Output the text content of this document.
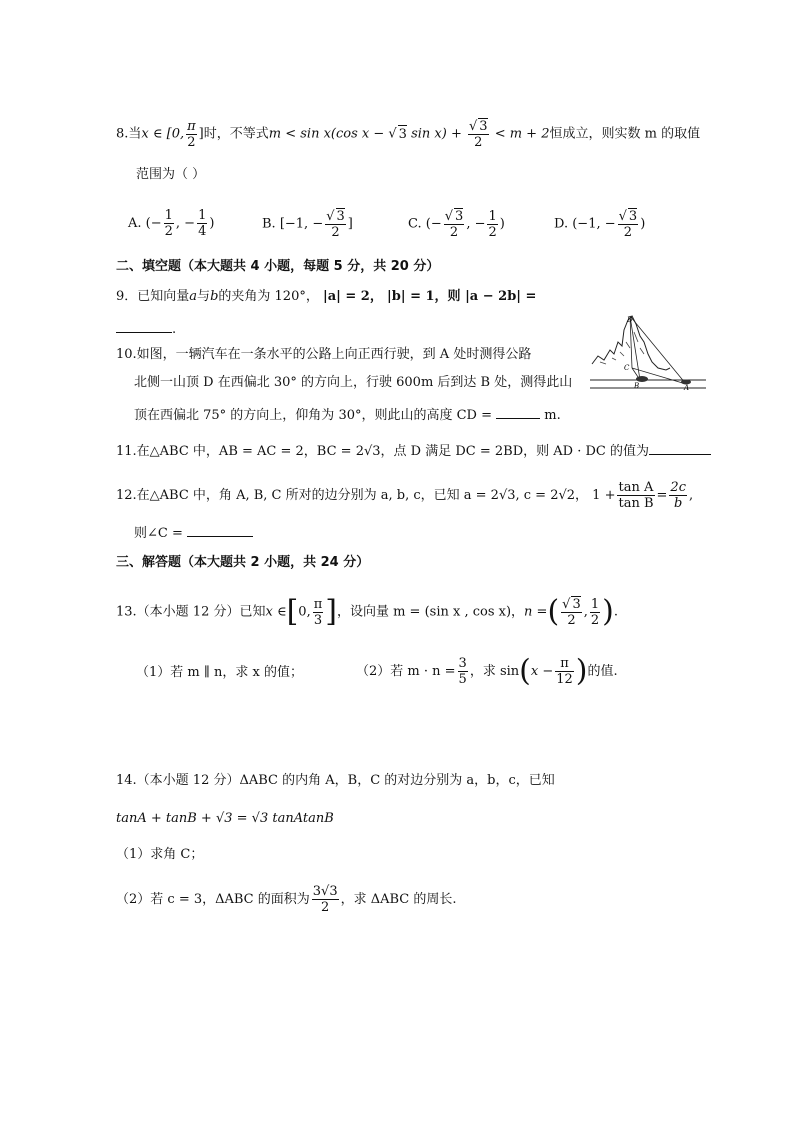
8.当x ∈ [0, $\frac{\pi}{2}$ ]时，不等式m < sin x(cos x − √ 3 $\sin x) + \frac{√ 3}{2} < m + 2$恒成立，则实数 m 的取值
范围为（ ）
A. (− $\frac{1}{2}$ , − $\frac{1}{4}$ )	B. [−1, − $\frac{√ 3}{2}$ ]	C. (− $\frac{√ 3}{2}$ , − $\frac{1}{2}$ )	D. (−1, − $\frac{√ 3}{2}$ )
二、填空题（本大题共 4 小题，每题 5 分，共 20 分）
9．已知向量a与b的夹角为 120°， |a| = 2， |b| = 1，则 |a − 2b| =
.
10.如图，一辆汽车在一条水平的公路上向正西行驶，到 A 处时测得公路
北侧一山顶 D 在西偏北 30° 的方向上，行驶 600m 后到达 B 处，测得此山
顶在西偏北 75° 的方向上，仰角为 30°，则此山的高度 CD =	m.
D
C
B	A
11.在△ABC 中，AB = AC = 2，BC = 2√3，点 D 满足 DC = 2BD，则 AD · DC 的值为
12.在△ABC 中，角 A, B, C 所对的边分别为 a, b, c，已知 a = 2√3, c = 2√2， $1 + \frac{\text{tan A}}{\text{tan B}} = \frac{2c}{b}$ ,
则∠C =
三、解答题（本大题共 2 小题，共 24 分）
13.（本小题 12 分）已知x ∈[0, $\frac{\pi}{3}$ ]，设向量 m = (sin x , cos x)，n =( $\frac{√ 3}{2}$ , $\frac{1}{2}$ ).
（1）若 m ∥ n，求 x 的值；	（2）若 $m \cdot n = \frac{3}{5}$ ，求 $\sin(x - \frac{\pi}{12}$ )的值.
14.（本小题 12 分）ΔABC 的内角 A，B，C 的对边分别为 a，b，c，已知
tanA + tanB + √3 = √3 tanAtanB
（1）求角 C；
（2）若 c = 3，ΔABC 的面积为 $\frac{3√3}{2}$ ，求 ΔABC 的周长.
